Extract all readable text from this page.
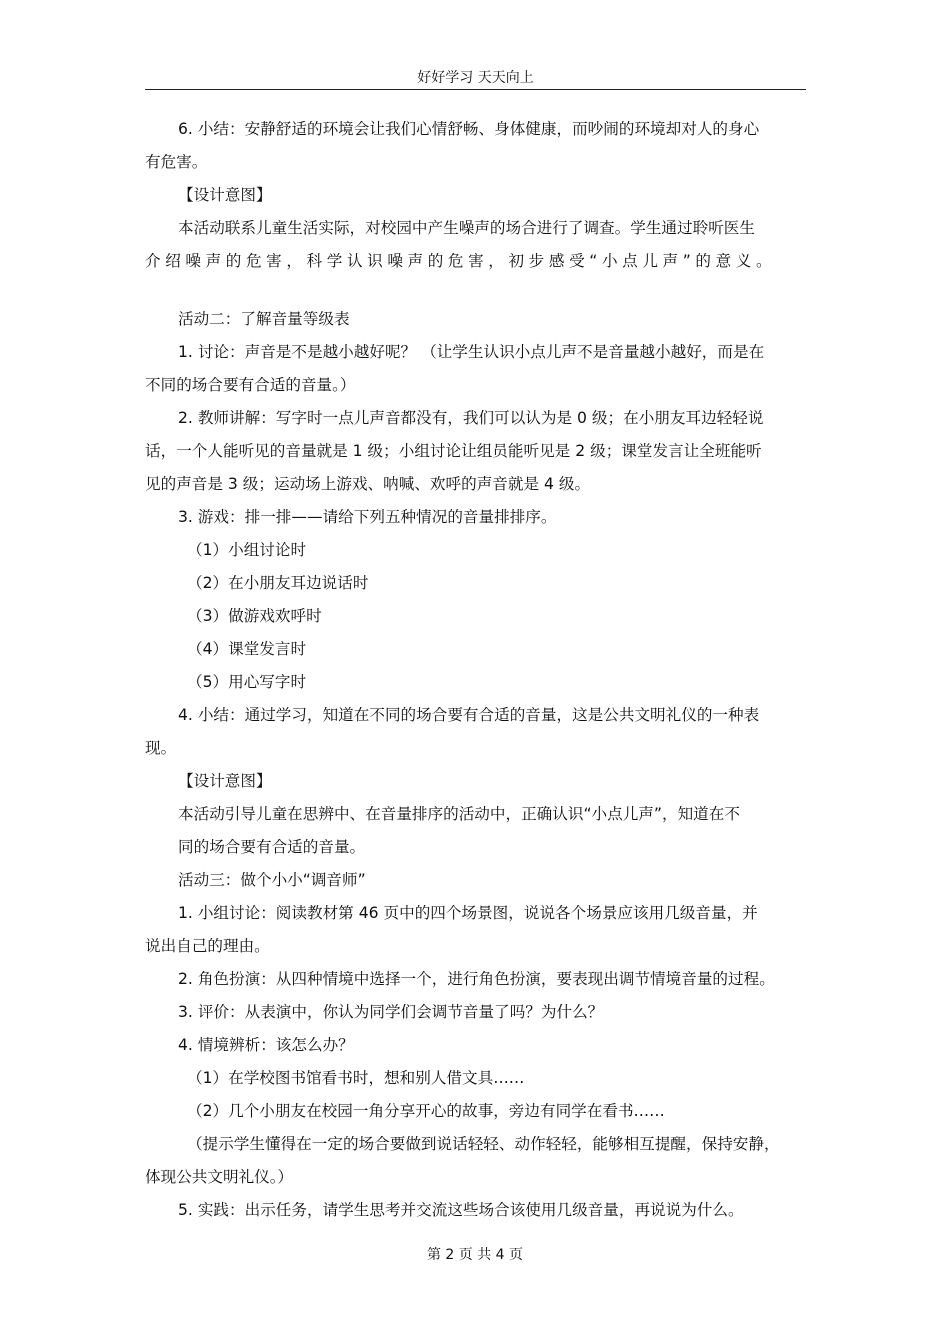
好好学习 天天向上
6. 小结：安静舒适的环境会让我们心情舒畅、身体健康，而吵闹的环境却对人的身心
有危害。
【设计意图】
本活动联系儿童生活实际，对校园中产生噪声的场合进行了调查。学生通过聆听医生
介绍噪声的危害，科学认识噪声的危害，初步感受“小点儿声”的意义。
活动二：了解音量等级表
1. 讨论：声音是不是越小越好呢？ （让学生认识小点儿声不是音量越小越好，而是在
不同的场合要有合适的音量。）
2. 教师讲解：写字时一点儿声音都没有，我们可以认为是 0 级；在小朋友耳边轻轻说
话，一个人能听见的音量就是 1 级；小组讨论让组员能听见是 2 级；课堂发言让全班能听
见的声音是 3 级；运动场上游戏、呐喊、欢呼的声音就是 4 级。
3. 游戏：排一排——请给下列五种情况的音量排排序。
（1）小组讨论时
（2）在小朋友耳边说话时
（3）做游戏欢呼时
（4）课堂发言时
（5）用心写字时
4. 小结：通过学习，知道在不同的场合要有合适的音量，这是公共文明礼仪的一种表
现。
【设计意图】
本活动引导儿童在思辨中、在音量排序的活动中，正确认识“小点儿声”，知道在不
同的场合要有合适的音量。
活动三：做个小小“调音师”
1. 小组讨论：阅读教材第 46 页中的四个场景图，说说各个场景应该用几级音量，并
说出自己的理由。
2. 角色扮演：从四种情境中选择一个，进行角色扮演，要表现出调节情境音量的过程。
3. 评价：从表演中，你认为同学们会调节音量了吗？为什么？
4. 情境辨析：该怎么办？
（1）在学校图书馆看书时，想和别人借文具……
（2）几个小朋友在校园一角分享开心的故事，旁边有同学在看书……
（提示学生懂得在一定的场合要做到说话轻轻、动作轻轻，能够相互提醒，保持安静，
体现公共文明礼仪。）
5. 实践：出示任务，请学生思考并交流这些场合该使用几级音量，再说说为什么。
第 2 页 共 4 页
